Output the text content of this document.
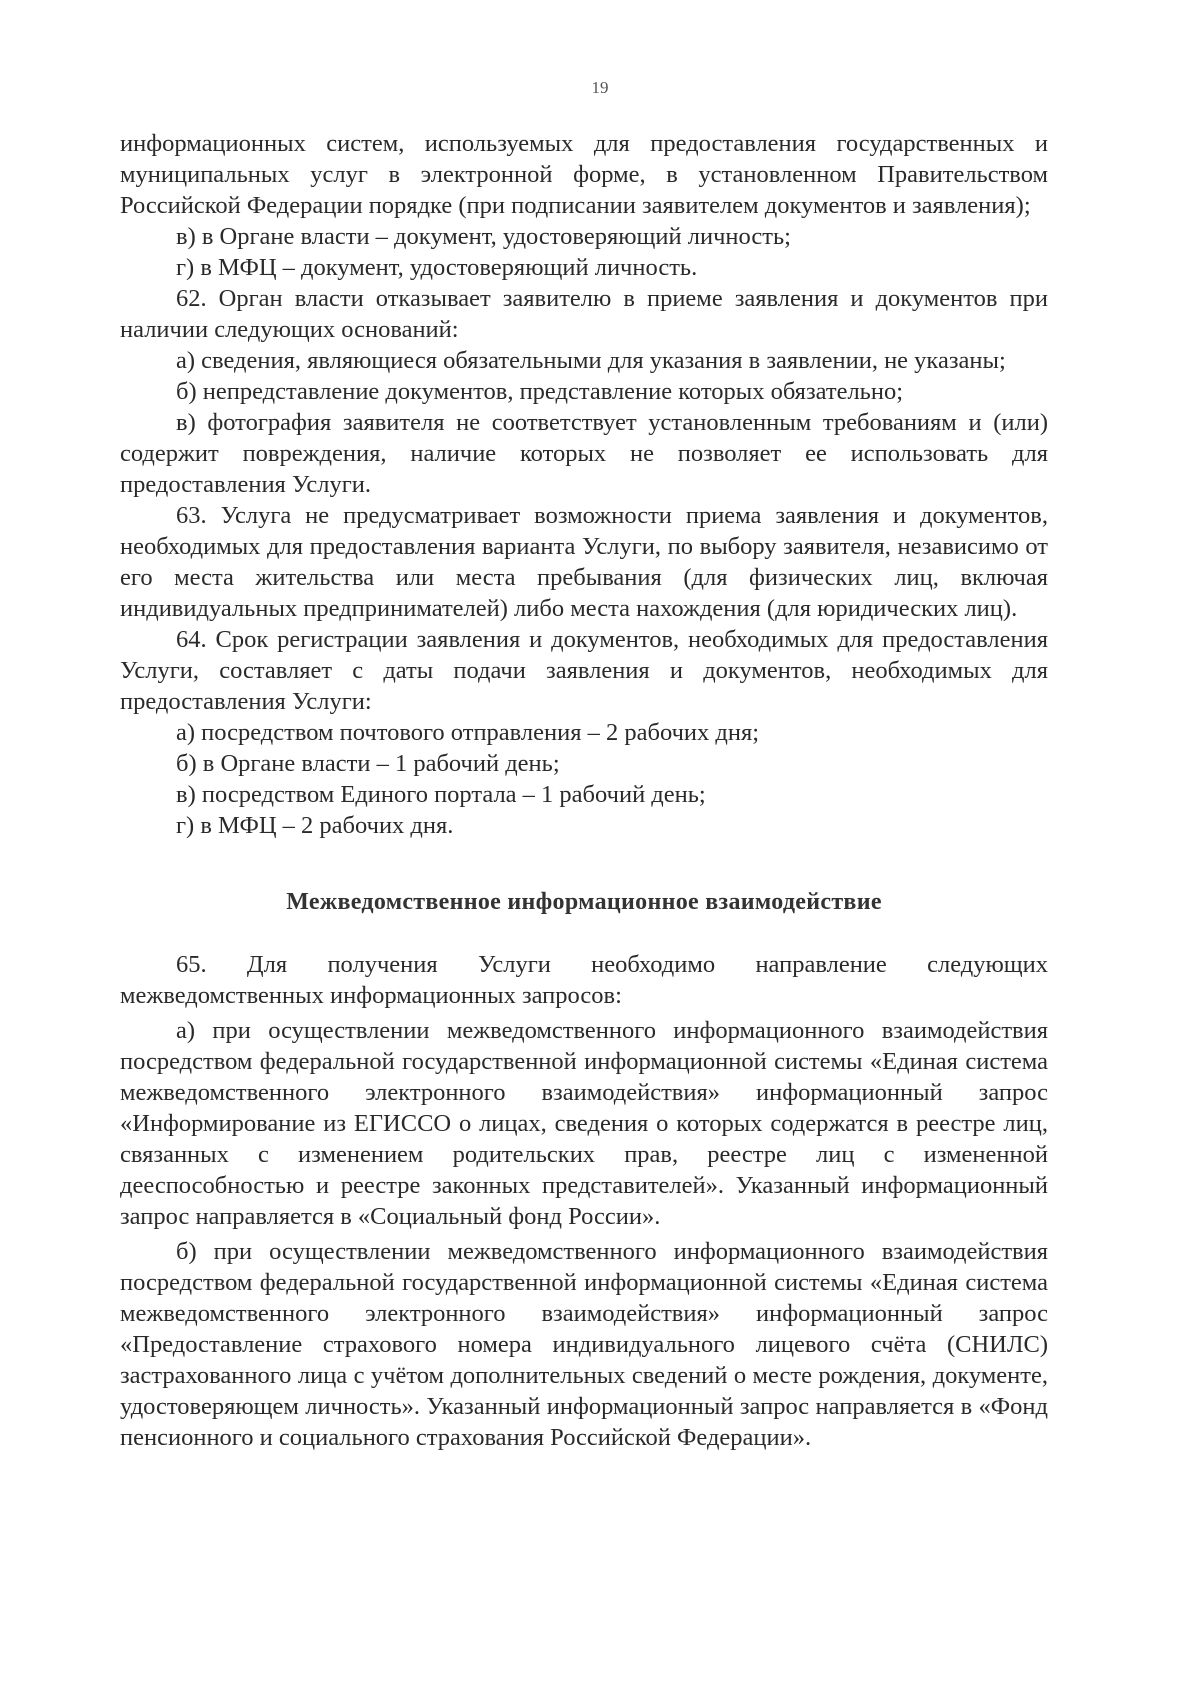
19

информационных систем, используемых для предоставления государственных и муниципальных услуг в электронной форме, в установленном Правительством Российской Федерации порядке (при подписании заявителем документов и заявления);

в) в Органе власти – документ, удостоверяющий личность;

г) в МФЦ – документ, удостоверяющий личность.

62. Орган власти отказывает заявителю в приеме заявления и документов при наличии следующих оснований:

а) сведения, являющиеся обязательными для указания в заявлении, не указаны;

б) непредставление документов, представление которых обязательно;

в) фотография заявителя не соответствует установленным требованиям и (или) содержит повреждения, наличие которых не позволяет ее использовать для предоставления Услуги.

63. Услуга не предусматривает возможности приема заявления и документов, необходимых для предоставления варианта Услуги, по выбору заявителя, независимо от его места жительства или места пребывания (для физических лиц, включая индивидуальных предпринимателей) либо места нахождения (для юридических лиц).

64. Срок регистрации заявления и документов, необходимых для предоставления Услуги, составляет с даты подачи заявления и документов, необходимых для предоставления Услуги:

а) посредством почтового отправления – 2 рабочих дня;

б) в Органе власти – 1 рабочий день;

в) посредством Единого портала – 1 рабочий день;

г) в МФЦ – 2 рабочих дня.

Межведомственное информационное взаимодействие

65. Для получения Услуги необходимо направление следующих межведомственных информационных запросов:

а) при осуществлении межведомственного информационного взаимодействия посредством федеральной государственной информационной системы «Единая система межведомственного электронного взаимодействия» информационный запрос «Информирование из ЕГИССО о лицах, сведения о которых содержатся в реестре лиц, связанных с изменением родительских прав, реестре лиц с измененной дееспособностью и реестре законных представителей». Указанный информационный запрос направляется в «Социальный фонд России».

б) при осуществлении межведомственного информационного взаимодействия посредством федеральной государственной информационной системы «Единая система межведомственного электронного взаимодействия» информационный запрос «Предоставление страхового номера индивидуального лицевого счёта (СНИЛС) застрахованного лица с учётом дополнительных сведений о месте рождения, документе, удостоверяющем личность». Указанный информационный запрос направляется в «Фонд пенсионного и социального страхования Российской Федерации».
